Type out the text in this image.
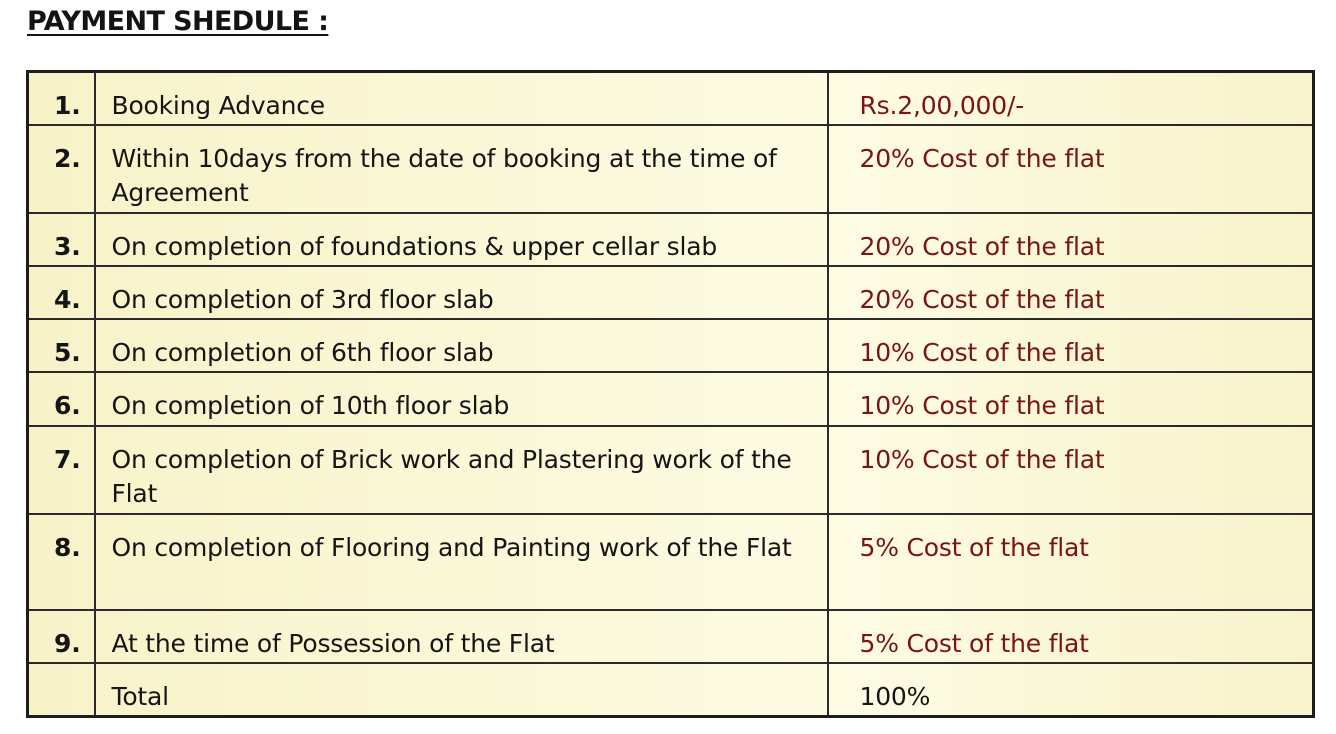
PAYMENT SHEDULE :
1.	Booking Advance	Rs.2,00,000/-
2.	Within 10days from the date of booking at the time of Agreement	20% Cost of the flat
3.	On completion of foundations & upper cellar slab	20% Cost of the flat
4.	On completion of 3rd floor slab	20% Cost of the flat
5.	On completion of 6th floor slab	10% Cost of the flat
6.	On completion of 10th floor slab	10% Cost of the flat
7.	On completion of Brick work and Plastering work of the Flat	10% Cost of the flat
8.	On completion of Flooring and Painting work of the Flat	5% Cost of the flat
9.	At the time of Possession of the Flat	5% Cost of the flat
	Total	100%
